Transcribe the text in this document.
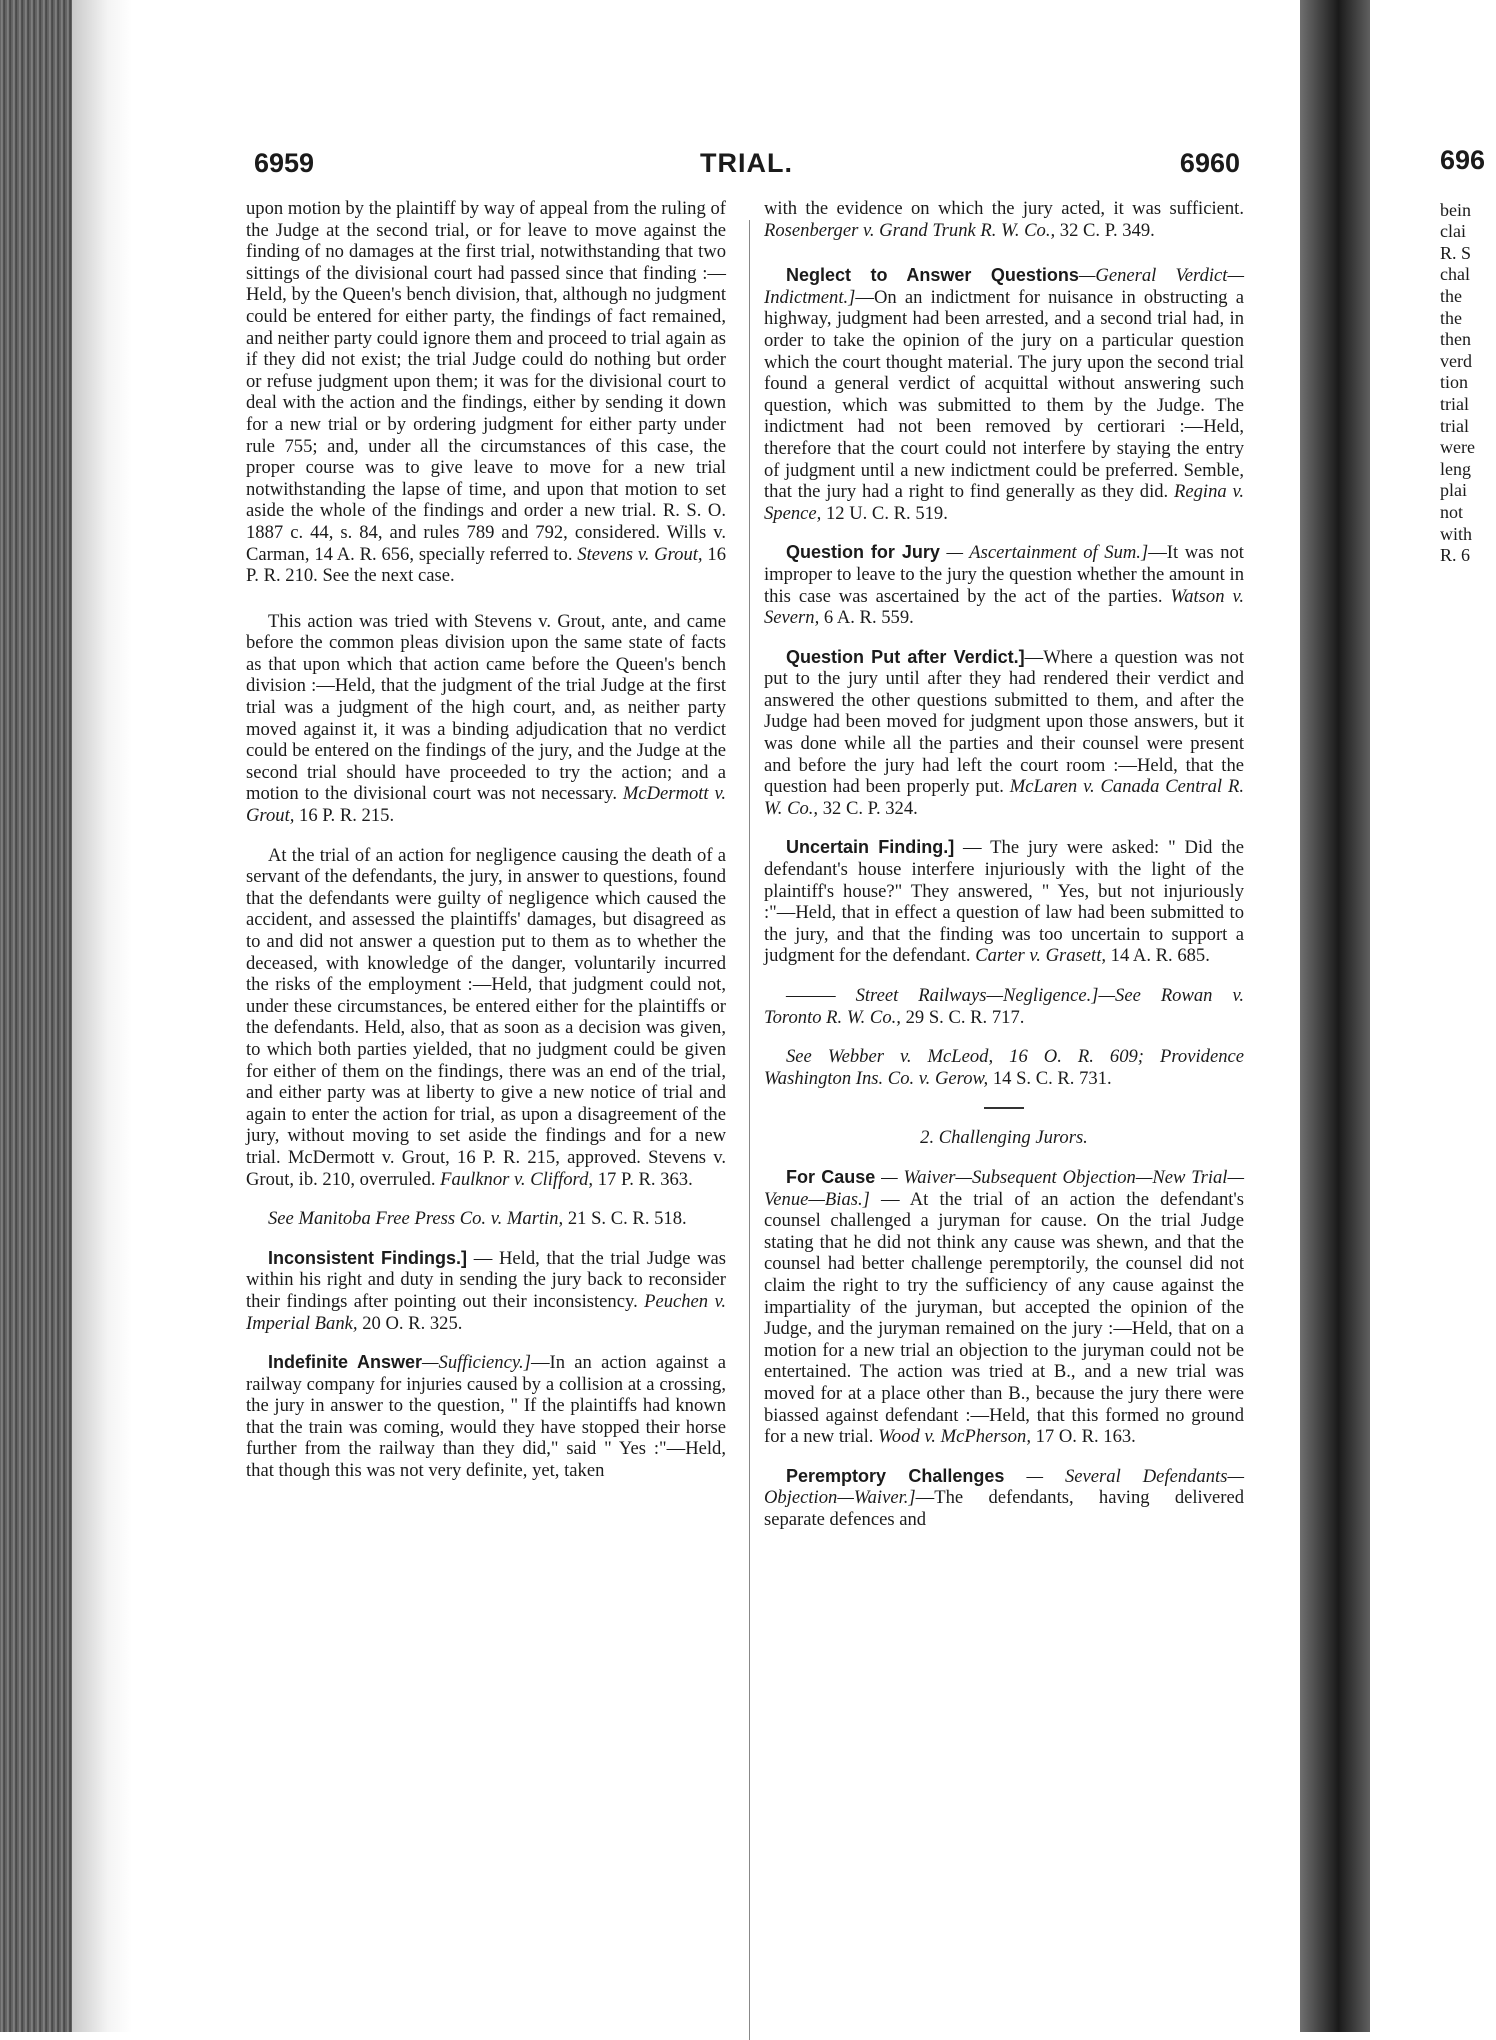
6959	TRIAL.	6960

upon motion by the plaintiff by way of appeal from the ruling of the Judge at the second trial, or for leave to move against the finding of no damages at the first trial, notwithstanding that two sittings of the divisional court had passed since that finding :—Held, by the Queen's bench division, that, although no judgment could be entered for either party, the findings of fact remained, and neither party could ignore them and proceed to trial again as if they did not exist; the trial Judge could do nothing but order or refuse judgment upon them; it was for the divisional court to deal with the action and the findings, either by sending it down for a new trial or by ordering judgment for either party under rule 755; and, under all the circumstances of this case, the proper course was to give leave to move for a new trial notwithstanding the lapse of time, and upon that motion to set aside the whole of the findings and order a new trial. R. S. O. 1887 c. 44, s. 84, and rules 789 and 792, considered. Wills v. Carman, 14 A. R. 656, specially referred to. Stevens v. Grout, 16 P. R. 210. See the next case.

This action was tried with Stevens v. Grout, ante, and came before the common pleas division upon the same state of facts as that upon which that action came before the Queen's bench division :—Held, that the judgment of the trial Judge at the first trial was a judgment of the high court, and, as neither party moved against it, it was a binding adjudication that no verdict could be entered on the findings of the jury, and the Judge at the second trial should have proceeded to try the action; and a motion to the divisional court was not necessary. McDermott v. Grout, 16 P. R. 215.

At the trial of an action for negligence causing the death of a servant of the defendants, the jury, in answer to questions, found that the defendants were guilty of negligence which caused the accident, and assessed the plaintiffs' damages, but disagreed as to and did not answer a question put to them as to whether the deceased, with knowledge of the danger, voluntarily incurred the risks of the employment :—Held, that judgment could not, under these circumstances, be entered either for the plaintiffs or the defendants. Held, also, that as soon as a decision was given, to which both parties yielded, that no judgment could be given for either of them on the findings, there was an end of the trial, and either party was at liberty to give a new notice of trial and again to enter the action for trial, as upon a disagreement of the jury, without moving to set aside the findings and for a new trial. McDermott v. Grout, 16 P. R. 215, approved. Stevens v. Grout, ib. 210, overruled. Faulknor v. Clifford, 17 P. R. 363.

See Manitoba Free Press Co. v. Martin, 21 S. C. R. 518.

Inconsistent Findings.] — Held, that the trial Judge was within his right and duty in sending the jury back to reconsider their findings after pointing out their inconsistency. Peuchen v. Imperial Bank, 20 O. R. 325.

Indefinite Answer—Sufficiency.]—In an action against a railway company for injuries caused by a collision at a crossing, the jury in answer to the question, " If the plaintiffs had known that the train was coming, would they have stopped their horse further from the railway than they did," said " Yes :"—Held, that though this was not very definite, yet, taken

with the evidence on which the jury acted, it was sufficient. Rosenberger v. Grand Trunk R. W. Co., 32 C. P. 349.

Neglect to Answer Questions—General Verdict—Indictment.]—On an indictment for nuisance in obstructing a highway, judgment had been arrested, and a second trial had, in order to take the opinion of the jury on a particular question which the court thought material. The jury upon the second trial found a general verdict of acquittal without answering such question, which was submitted to them by the Judge. The indictment had not been removed by certiorari :—Held, therefore that the court could not interfere by staying the entry of judgment until a new indictment could be preferred. Semble, that the jury had a right to find generally as they did. Regina v. Spence, 12 U. C. R. 519.

Question for Jury — Ascertainment of Sum.]—It was not improper to leave to the jury the question whether the amount in this case was ascertained by the act of the parties. Watson v. Severn, 6 A. R. 559.

Question Put after Verdict.]—Where a question was not put to the jury until after they had rendered their verdict and answered the other questions submitted to them, and after the Judge had been moved for judgment upon those answers, but it was done while all the parties and their counsel were present and before the jury had left the court room :—Held, that the question had been properly put. McLaren v. Canada Central R. W. Co., 32 C. P. 324.

Uncertain Finding.] — The jury were asked: " Did the defendant's house interfere injuriously with the light of the plaintiff's house?" They answered, " Yes, but not injuriously :"—Held, that in effect a question of law had been submitted to the jury, and that the finding was too uncertain to support a judgment for the defendant. Carter v. Grasett, 14 A. R. 685.

——— Street Railways—Negligence.]—See Rowan v. Toronto R. W. Co., 29 S. C. R. 717.

See Webber v. McLeod, 16 O. R. 609; Providence Washington Ins. Co. v. Gerow, 14 S. C. R. 731.

2. Challenging Jurors.

For Cause — Waiver—Subsequent Objection—New Trial—Venue—Bias.] — At the trial of an action the defendant's counsel challenged a juryman for cause. On the trial Judge stating that he did not think any cause was shewn, and that the counsel had better challenge peremptorily, the counsel did not claim the right to try the sufficiency of any cause against the impartiality of the juryman, but accepted the opinion of the Judge, and the juryman remained on the jury :—Held, that on a motion for a new trial an objection to the juryman could not be entertained. The action was tried at B., and a new trial was moved for at a place other than B., because the jury there were biassed against defendant :—Held, that this formed no ground for a new trial. Wood v. McPherson, 17 O. R. 163.

Peremptory Challenges — Several Defendants—Objection—Waiver.]—The defendants, having delivered separate defences and

696
bein
clai
R. S
chal
the
the
then
verd
tion
trial
trial
were
leng
plai
not
with
R. 6
